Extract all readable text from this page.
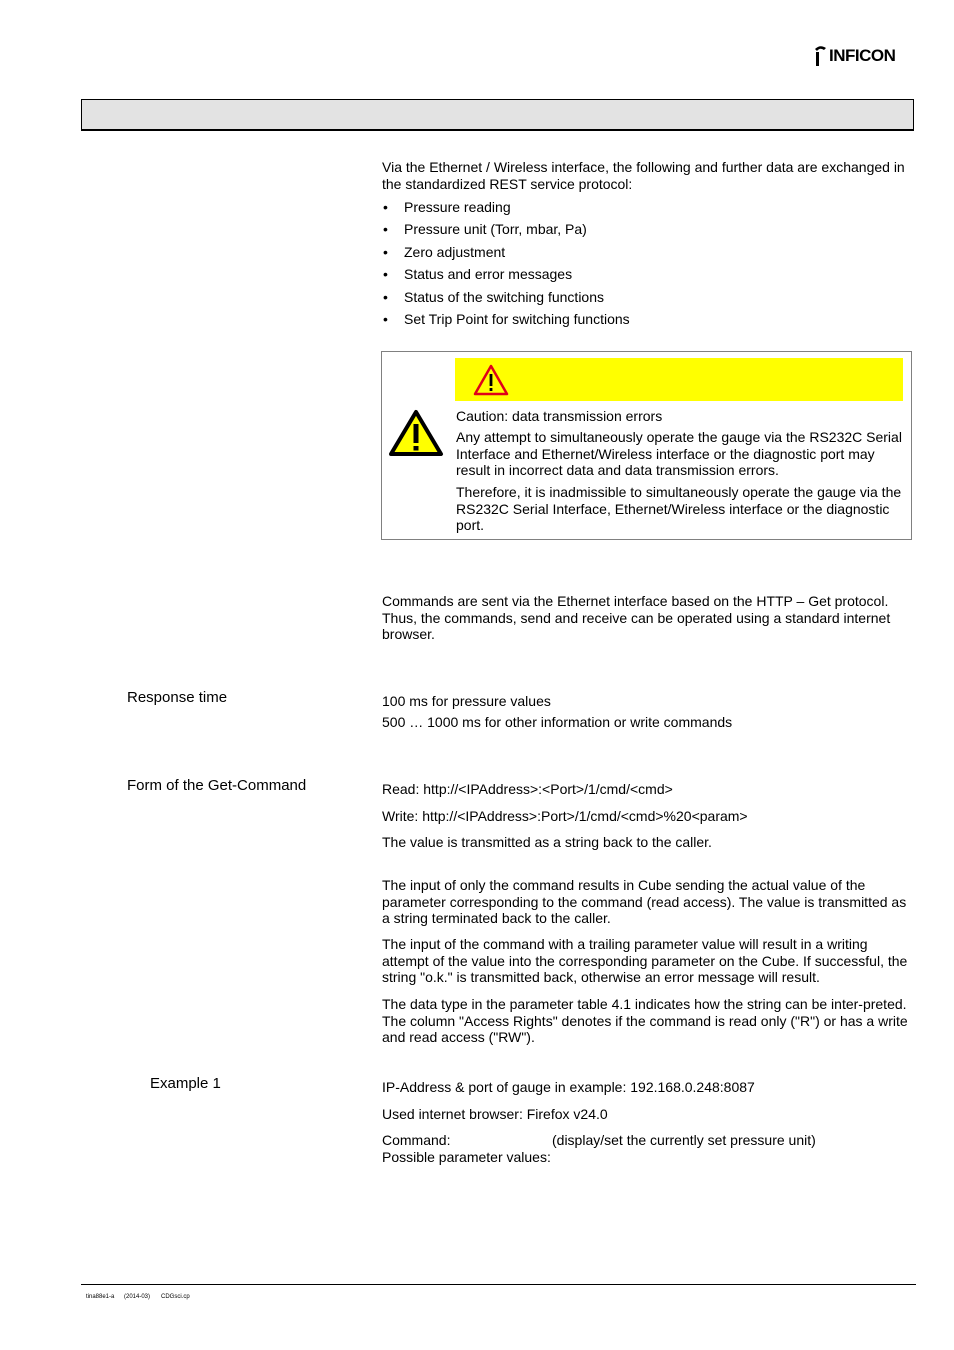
INFICON
Via the Ethernet / Wireless interface, the following and further data are exchanged in the standardized REST service protocol:
• Pressure reading
• Pressure unit (Torr, mbar, Pa)
• Zero adjustment
• Status and error messages
• Status of the switching functions
• Set Trip Point for switching functions
Caution: data transmission errors
Any attempt to simultaneously operate the gauge via the RS232C Serial Interface and Ethernet/Wireless interface or the diagnostic port may result in incorrect data and data transmission errors.
Therefore, it is inadmissible to simultaneously operate the gauge via the RS232C Serial Interface, Ethernet/Wireless interface or the diagnostic port.
Commands are sent via the Ethernet interface based on the HTTP – Get protocol. Thus, the commands, send and receive can be operated using a standard internet browser.
Response time	100 ms for pressure values
500 … 1000 ms for other information or write commands
Form of the Get-Command	Read: http://<IPAddress>:<Port>/1/cmd/<cmd>
Write: http://<IPAddress>:Port>/1/cmd/<cmd>%20<param>
The value is transmitted as a string back to the caller.
The input of only the command results in Cube sending the actual value of the parameter corresponding to the command (read access). The value is transmitted as a string terminated back to the caller.
The input of the command with a trailing parameter value will result in a writing attempt of the value into the corresponding parameter on the Cube. If successful, the string "o.k." is transmitted back, otherwise an error message will result.
The data type in the parameter table 4.1 indicates how the string can be inter-preted. The column "Access Rights" denotes if the command is read only ("R") or has a write and read access ("RW").
Example 1	IP-Address & port of gauge in example: 192.168.0.248:8087
Used internet browser: Firefox v24.0
Command:	(display/set the currently set pressure unit)
Possible parameter values:
tina88e1-a (2014-03) CDGsci.cp
